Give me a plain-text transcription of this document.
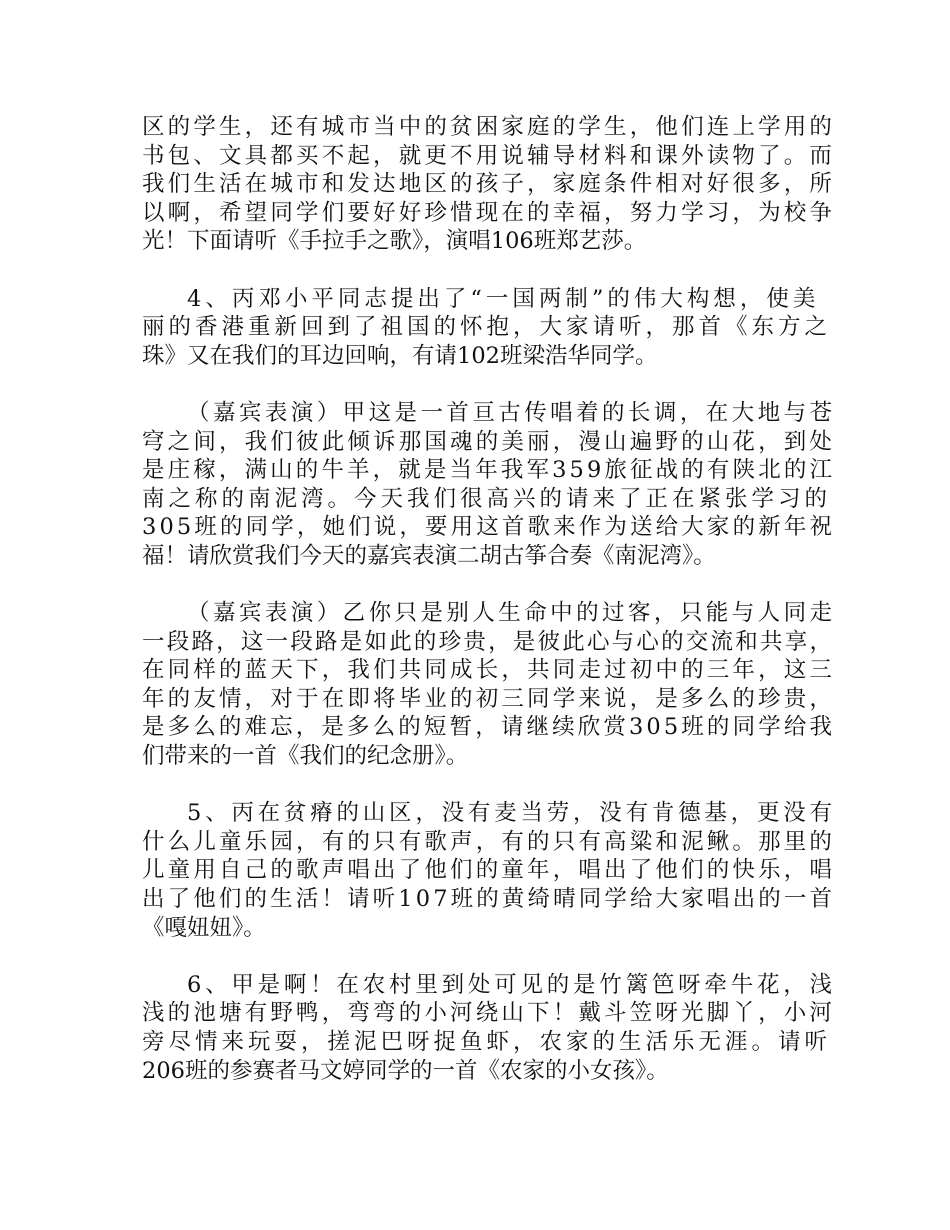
区的学生，还有城市当中的贫困家庭的学生，他们连上学用的
书包、文具都买不起，就更不用说辅导材料和课外读物了。而
我们生活在城市和发达地区的孩子，家庭条件相对好很多，所
以啊，希望同学们要好好珍惜现在的幸福，努力学习，为校争
光！下面请听《手拉手之歌》，演唱106班郑艺莎。

4、丙邓小平同志提出了“一国两制”的伟大构想，使美
丽的香港重新回到了祖国的怀抱，大家请听，那首《东方之
珠》又在我们的耳边回响，有请102班梁浩华同学。

（嘉宾表演）甲这是一首亘古传唱着的长调，在大地与苍
穹之间，我们彼此倾诉那国魂的美丽，漫山遍野的山花，到处
是庄稼，满山的牛羊，就是当年我军359旅征战的有陕北的江
南之称的南泥湾。今天我们很高兴的请来了正在紧张学习的
305班的同学，她们说，要用这首歌来作为送给大家的新年祝
福！请欣赏我们今天的嘉宾表演二胡古筝合奏《南泥湾》。

（嘉宾表演）乙你只是别人生命中的过客，只能与人同走
一段路，这一段路是如此的珍贵，是彼此心与心的交流和共享，
在同样的蓝天下，我们共同成长，共同走过初中的三年，这三
年的友情，对于在即将毕业的初三同学来说，是多么的珍贵，
是多么的难忘，是多么的短暂，请继续欣赏305班的同学给我
们带来的一首《我们的纪念册》。

5、丙在贫瘠的山区，没有麦当劳，没有肯德基，更没有
什么儿童乐园，有的只有歌声，有的只有高粱和泥鳅。那里的
儿童用自己的歌声唱出了他们的童年，唱出了他们的快乐，唱
出了他们的生活！请听107班的黄绮晴同学给大家唱出的一首
《嘎妞妞》。

6、甲是啊！在农村里到处可见的是竹篱笆呀牵牛花，浅
浅的池塘有野鸭，弯弯的小河绕山下！戴斗笠呀光脚丫，小河
旁尽情来玩耍，搓泥巴呀捉鱼虾，农家的生活乐无涯。请听
206班的参赛者马文婷同学的一首《农家的小女孩》。
